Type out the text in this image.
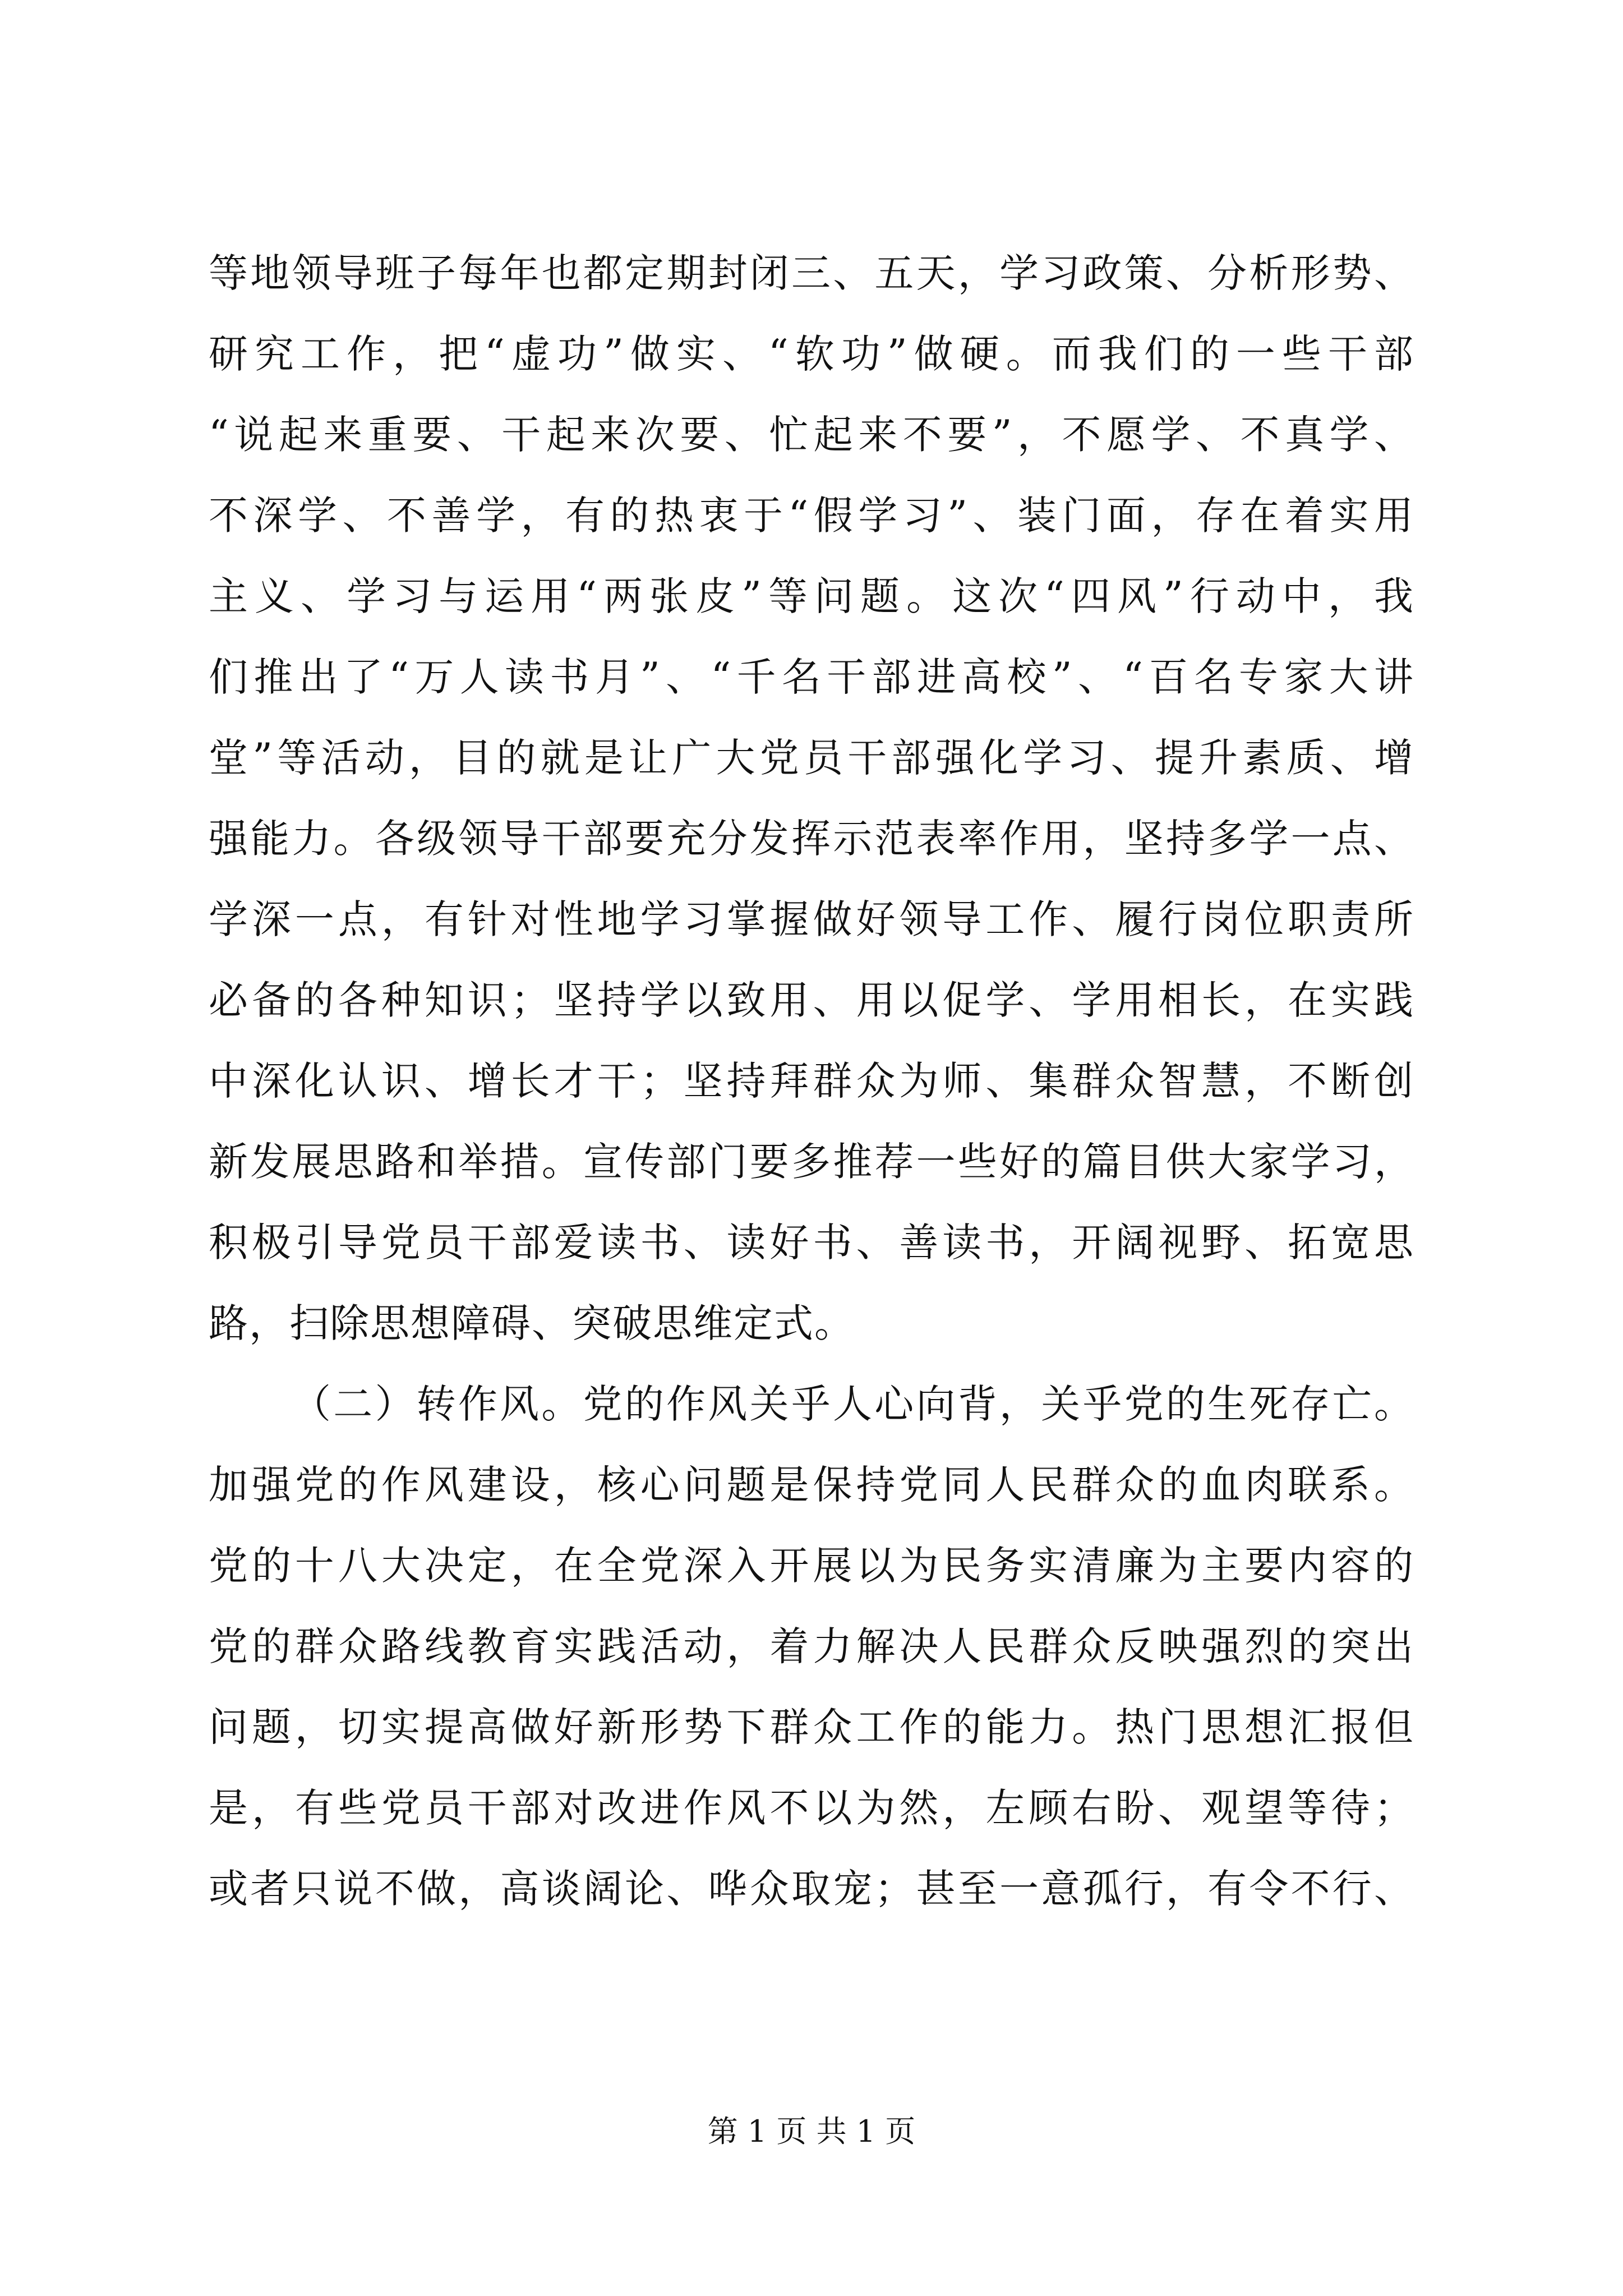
等地领导班子每年也都定期封闭三、五天，学习政策、分析形势、
研究工作，把“虚功”做实、“软功”做硬。而我们的一些干部
“说起来重要、干起来次要、忙起来不要”，不愿学、不真学、
不深学、不善学，有的热衷于“假学习”、装门面，存在着实用
主义、学习与运用“两张皮”等问题。这次“四风”行动中，我
们推出了“万人读书月”、“千名干部进高校”、“百名专家大讲
堂”等活动，目的就是让广大党员干部强化学习、提升素质、增
强能力。各级领导干部要充分发挥示范表率作用，坚持多学一点、
学深一点，有针对性地学习掌握做好领导工作、履行岗位职责所
必备的各种知识；坚持学以致用、用以促学、学用相长，在实践
中深化认识、增长才干；坚持拜群众为师、集群众智慧，不断创
新发展思路和举措。宣传部门要多推荐一些好的篇目供大家学习，
积极引导党员干部爱读书、读好书、善读书，开阔视野、拓宽思
路，扫除思想障碍、突破思维定式。
（二）转作风。党的作风关乎人心向背，关乎党的生死存亡。
加强党的作风建设，核心问题是保持党同人民群众的血肉联系。
党的十八大决定，在全党深入开展以为民务实清廉为主要内容的
党的群众路线教育实践活动，着力解决人民群众反映强烈的突出
问题，切实提高做好新形势下群众工作的能力。热门思想汇报但
是，有些党员干部对改进作风不以为然，左顾右盼、观望等待；
或者只说不做，高谈阔论、哗众取宠；甚至一意孤行，有令不行、
第 1 页 共 1 页
